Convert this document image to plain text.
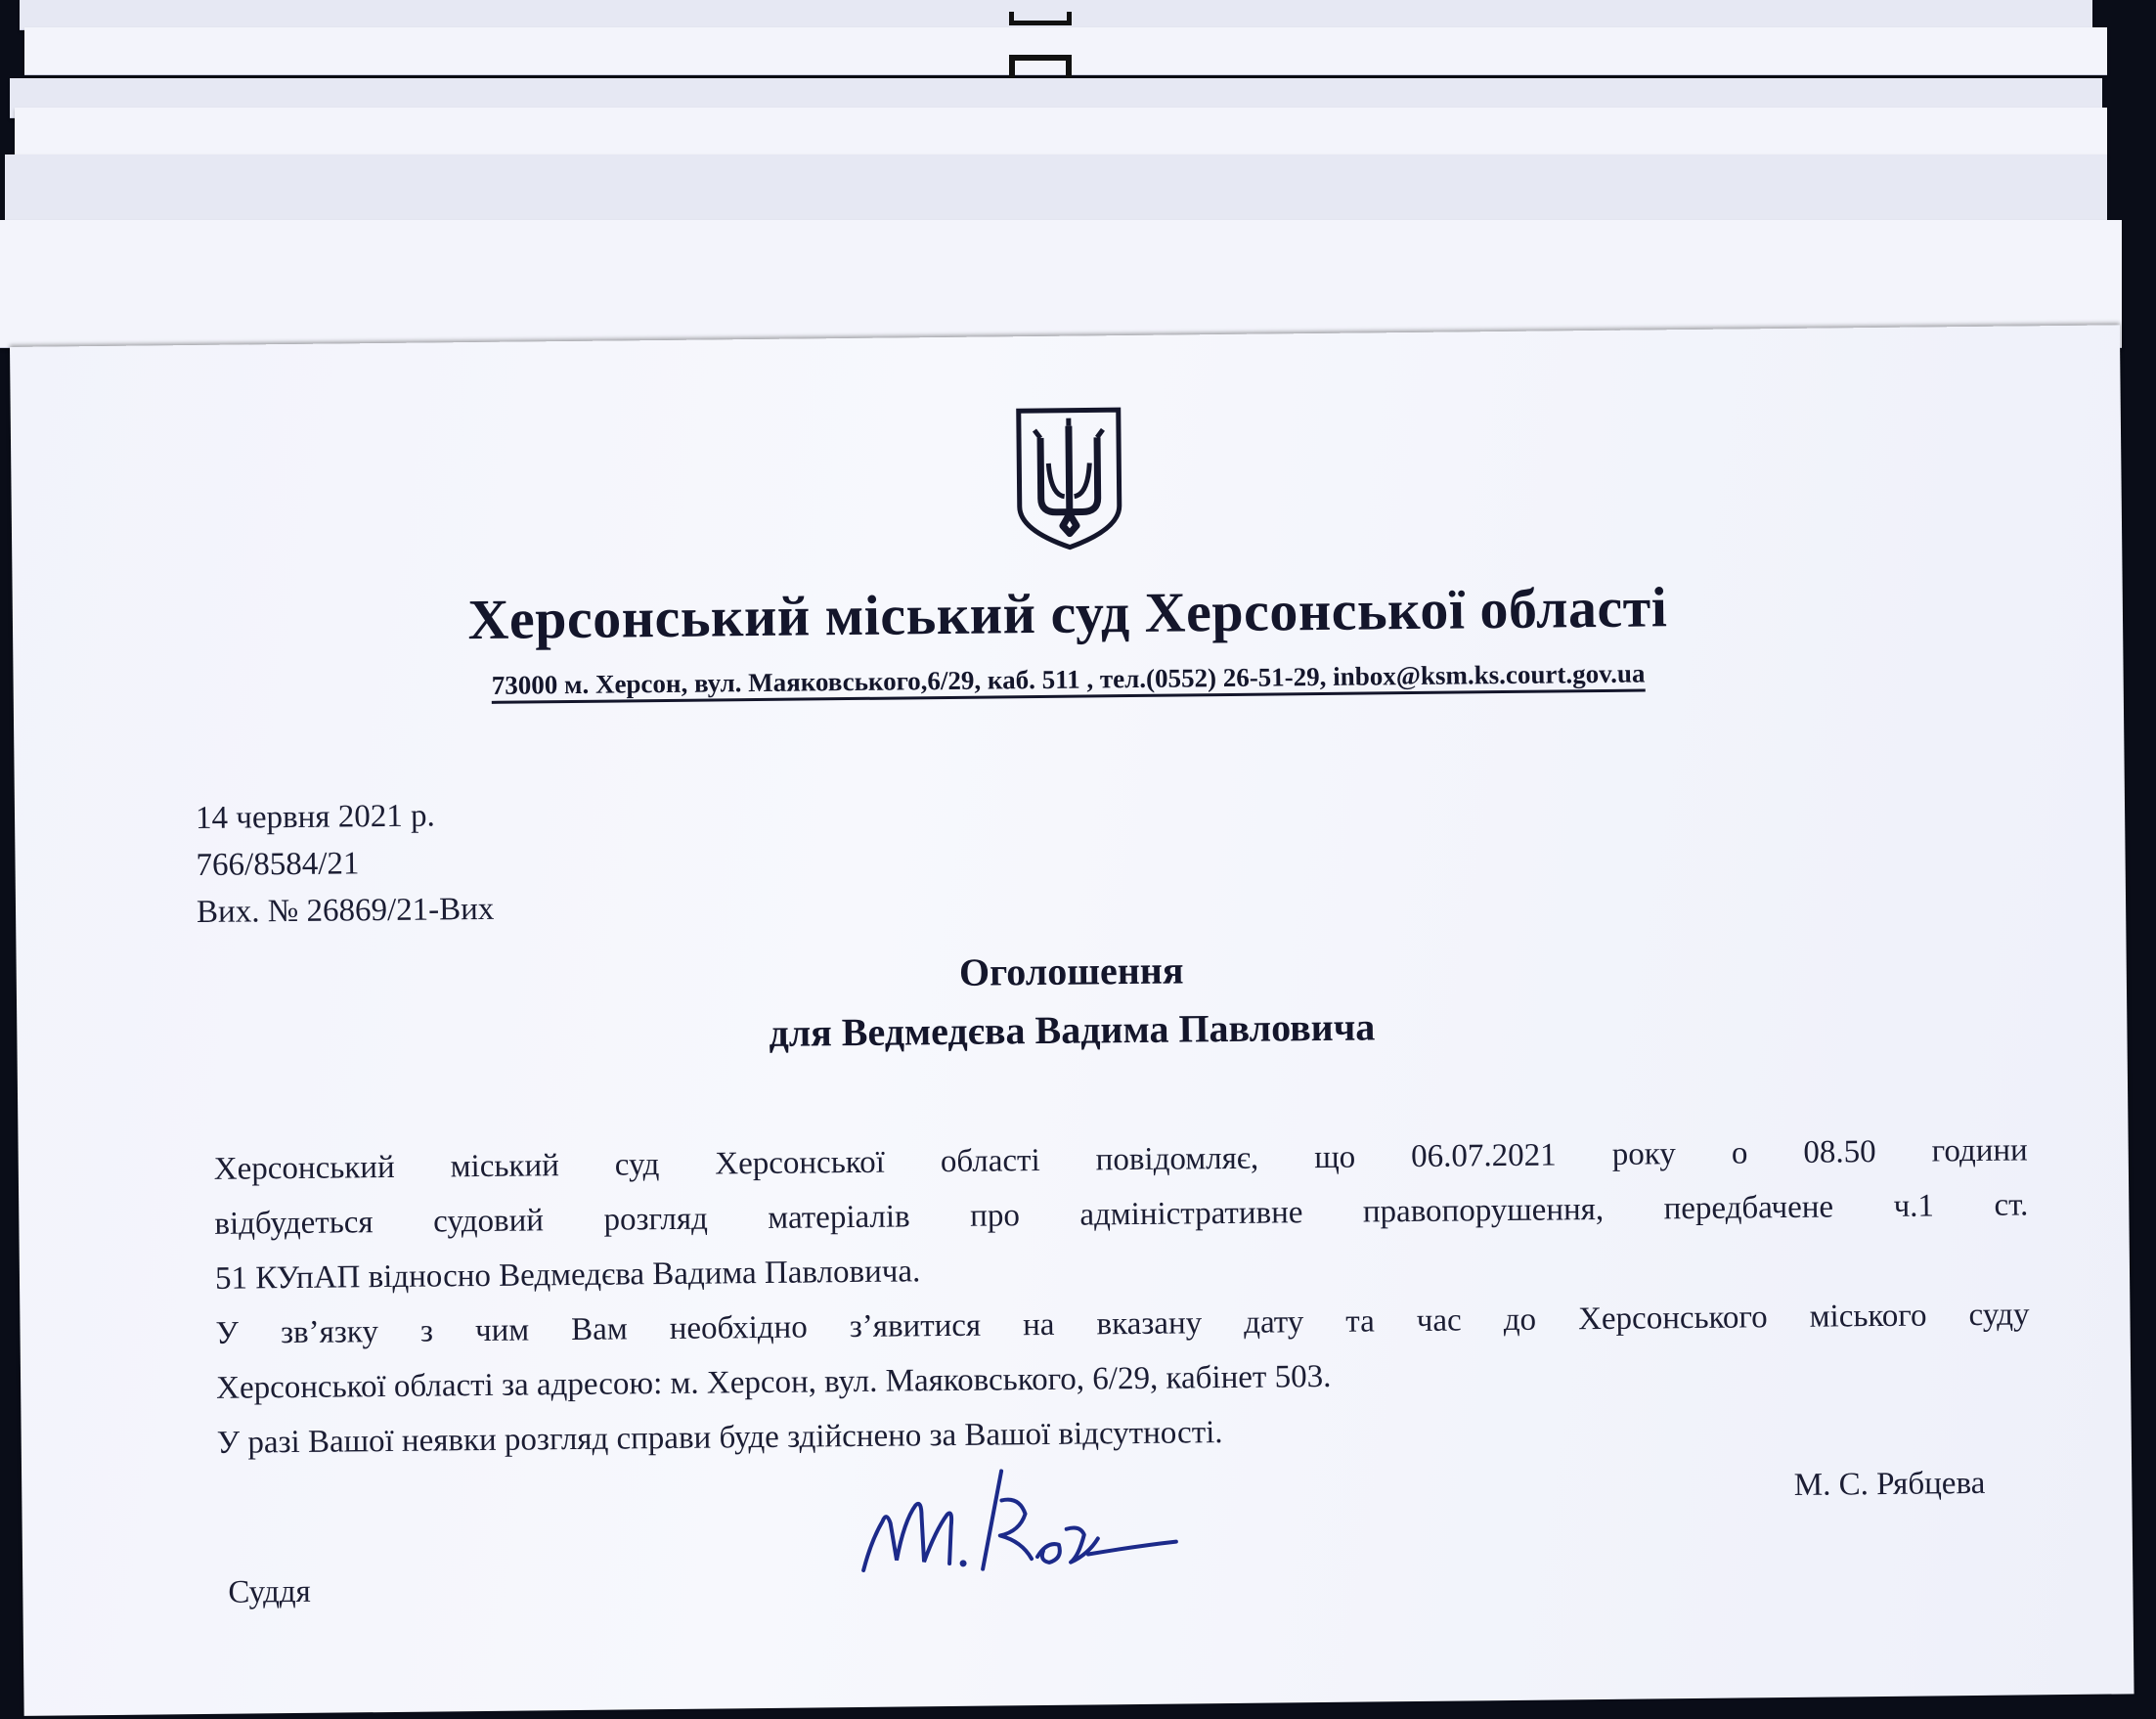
Херсонський міський суд Херсонської області
73000 м. Херсон, вул. Маяковського,6/29, каб. 511 , тел.(0552) 26-51-29, inbox@ksm.ks.court.gov.ua
14 червня 2021 р.
766/8584/21
Вих. № 26869/21-Вих
Оголошення
для Ведмедєва Вадима Павловича
Херсонський міський суд Херсонської області повідомляє, що 06.07.2021 року о 08.50 години
відбудеться судовий розгляд матеріалів про адміністративне правопорушення, передбачене ч.1 ст.
51 КУпАП відносно Ведмедєва Вадима Павловича.
У зв’язку з чим Вам необхідно з’явитися на вказану дату та час до Херсонського міського суду
Херсонської області за адресою: м. Херсон, вул. Маяковського, 6/29, кабінет 503.
У разі Вашої неявки розгляд справи буде здійснено за Вашої відсутності.
М. С. Рябцева
Суддя
